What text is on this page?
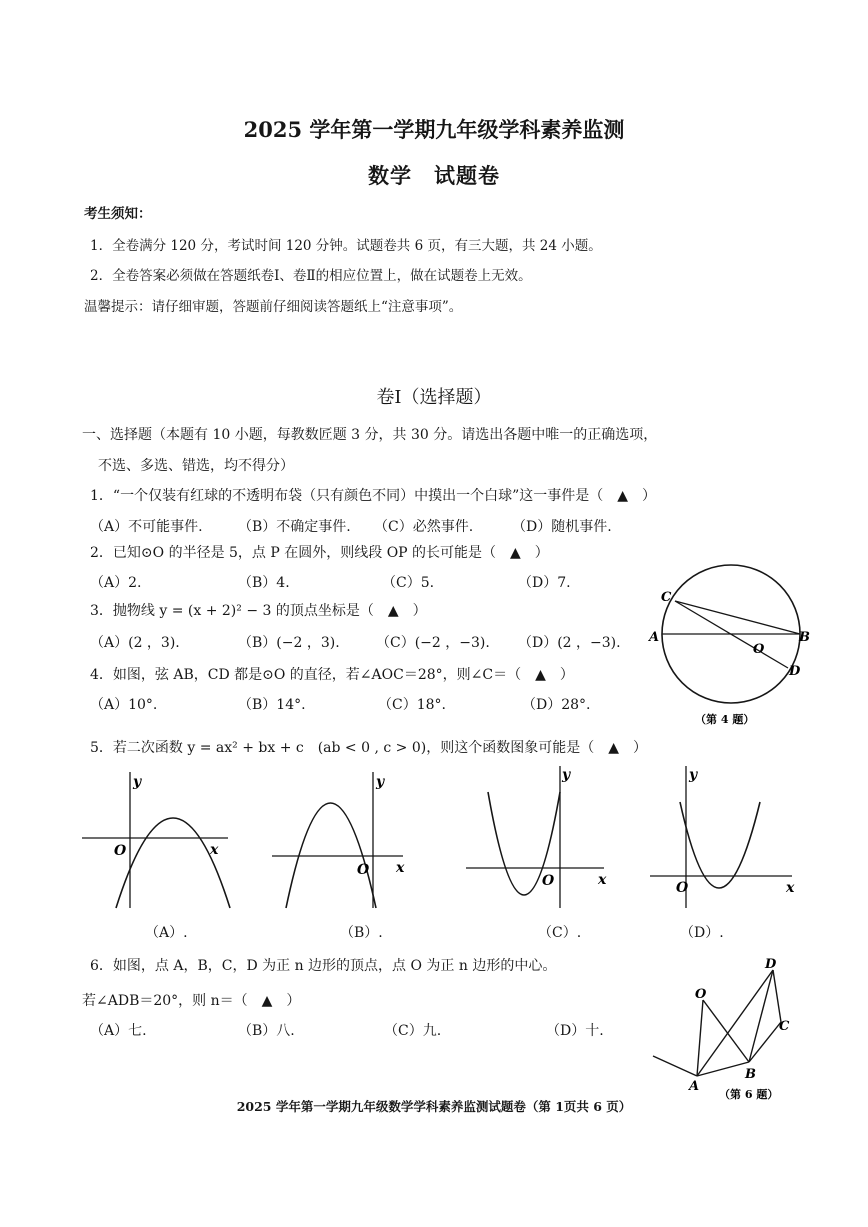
2025 学年第一学期九年级学科素养监测
数学　试题卷
考生须知：
1．全卷满分 120 分，考试时间 120 分钟。试题卷共 6 页，有三大题，共 24 小题。
2．全卷答案必须做在答题纸卷Ⅰ、卷Ⅱ的相应位置上，做在试题卷上无效。
温馨提示：请仔细审题，答题前仔细阅读答题纸上“注意事项”。
卷Ⅰ（选择题）
一、选择题（本题有 10 小题，每教数匠题 3 分，共 30 分。请选出各题中唯一的正确选项，
不选、多选、错选，均不得分）
1．“一个仅装有红球的不透明布袋（只有颜色不同）中摸出一个白球”这一事件是（　▲　）
（A）不可能事件.	（B）不确定事件. （C）必然事件.	（D）随机事件.
2．已知⊙O 的半径是 5，点 P 在圆外，则线段 OP 的长可能是（　▲　）
（A）2.	（B）4.	（C）5.	（D）7.
3．抛物线 y = (x + 2)² − 3 的顶点坐标是（　▲　）
（A）(2 ，3).	（B）(−2 ，3).	（C）(−2 ，−3). （D）(2 ，−3).
4．如图，弦 AB，CD 都是⊙O 的直径，若∠AOC＝28°，则∠C＝（　▲　）
（A）10°.	（B）14°.	（C）18°.	（D）28°.
C
A	B
O
D
（第 4 题）
5．若二次函数 y = ax² + bx + c　(ab < 0 , c > 0)，则这个函数图象可能是（　▲　）
y
x
O
（A）.
y
x
O
（B）.
y
x
O
（C）.
y
x
O
（D）.
6．如图，点 A，B，C，D 为正 n 边形的顶点，点 O 为正 n 边形的中心。
若∠ADB＝20°，则 n＝（　▲　）
（A）七.	（B）八.	（C）九.	（D）十.
D
O
C
B
A
（第 6 题）
2025 学年第一学期九年级数学学科素养监测试题卷（第 1页共 6 页）
